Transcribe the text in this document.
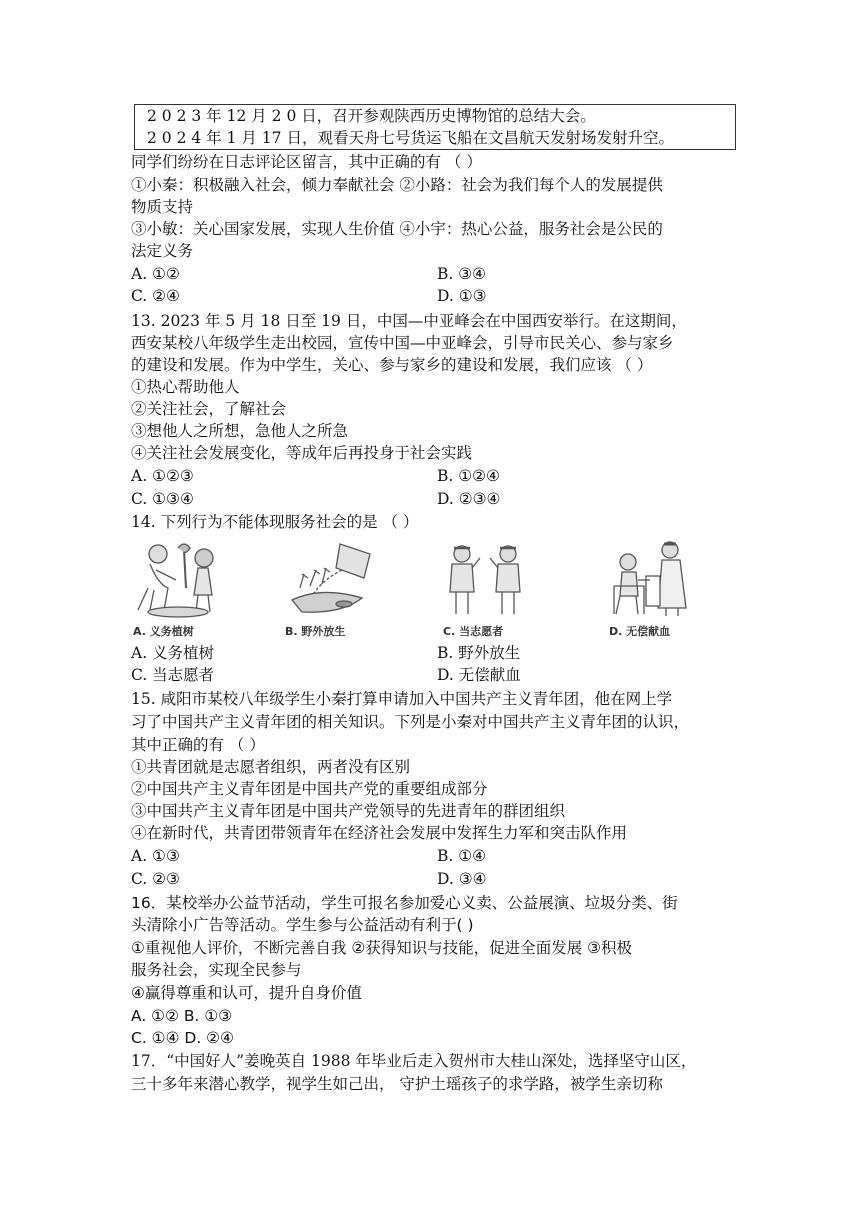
2 0 2 3 年 12 月 2 0 日，召开参观陕西历史博物馆的总结大会。
2 0 2 4 年 1 月 17 日，观看天舟七号货运飞船在文昌航天发射场发射升空。
同学们纷纷在日志评论区留言，其中正确的有 （ ）
①小秦：积极融入社会，倾力奉献社会 ②小路：社会为我们每个人的发展提供
物质支持
③小敏：关心国家发展，实现人生价值 ④小宇：热心公益，服务社会是公民的
法定义务
A. ①②	B. ③④
C. ②④	D. ①③
13. 2023 年 5 月 18 日至 19 日，中国—中亚峰会在中国西安举行。在这期间，
西安某校八年级学生走出校园，宣传中国—中亚峰会，引导市民关心、参与家乡
的建设和发展。作为中学生，关心、参与家乡的建设和发展，我们应该 （ ）
①热心帮助他人
②关注社会，了解社会
③想他人之所想，急他人之所急
④关注社会发展变化，等成年后再投身于社会实践
A. ①②③	B. ①②④
C. ①③④	D. ②③④
14. 下列行为不能体现服务社会的是 （ ）
A. 义务植树	B. 野外放生	C. 当志愿者	D. 无偿献血
A. 义务植树	B. 野外放生
C. 当志愿者	D. 无偿献血
15. 咸阳市某校八年级学生小秦打算申请加入中国共产主义青年团，他在网上学
习了中国共产主义青年团的相关知识。下列是小秦对中国共产主义青年团的认识，
其中正确的有 （ ）
①共青团就是志愿者组织，两者没有区别
②中国共产主义青年团是中国共产党的重要组成部分
③中国共产主义青年团是中国共产党领导的先进青年的群团组织
④在新时代，共青团带领青年在经济社会发展中发挥生力军和突击队作用
A. ①③	B. ①④
C. ②③	D. ③④
16．某校举办公益节活动，学生可报名参加爱心义卖、公益展演、垃圾分类、街
头清除小广告等活动。学生参与公益活动有利于( )
①重视他人评价，不断完善自我 ②获得知识与技能，促进全面发展 ③积极
服务社会，实现全民参与
④赢得尊重和认可，提升自身价值
A. ①② B. ①③
C. ①④ D. ②④
17．“中国好人”姜晚英自 1988 年毕业后走入贺州市大桂山深处，选择坚守山区，
三十多年来潜心教学，视学生如己出， 守护土瑶孩子的求学路，被学生亲切称
